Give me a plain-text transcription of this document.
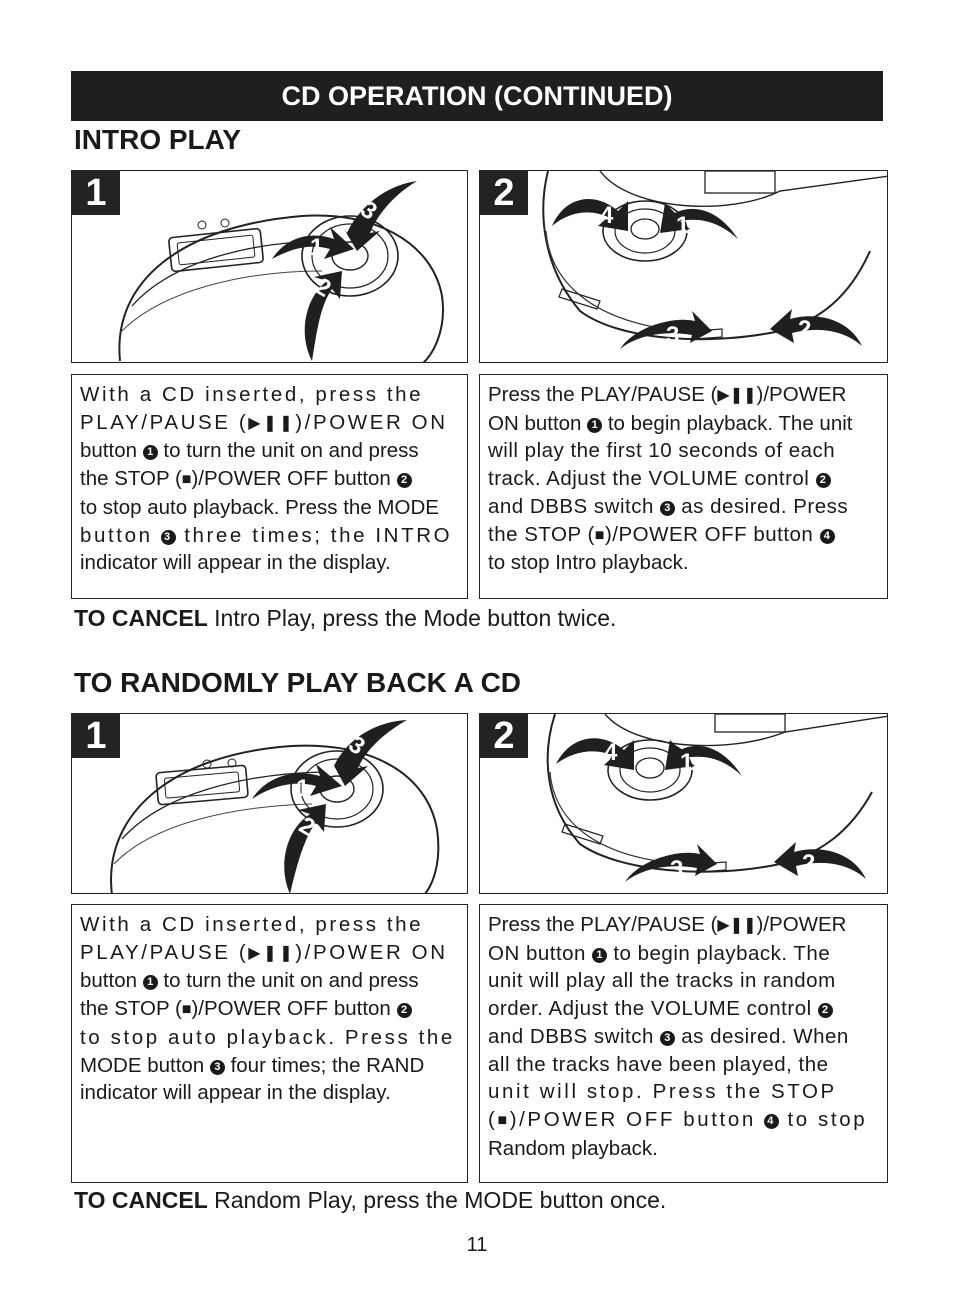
CD OPERATION (CONTINUED)
INTRO PLAY
1
2
3
1
4	1
3	2
2

With a CD inserted, press the

PLAY/PAUSE (▶❚❚)/POWER ON

button 1 to turn the unit on and press

the STOP (■)/POWER OFF button 2

to stop auto playback. Press the MODE

button 3 three times; the INTRO

indicator will appear in the display.

Press the PLAY/PAUSE (▶❚❚)/POWER

ON button 1 to begin playback. The unit

will play the first 10 seconds of each

track. Adjust the VOLUME control 2

and DBBS switch 3 as desired. Press

the STOP (■)/POWER OFF button 4

to stop Intro playback.

TO CANCEL Intro Play, press the Mode button twice.
TO RANDOMLY PLAY BACK A CD
1
2
3
1	4	1
3	2
2

With a CD inserted, press the

PLAY/PAUSE (▶❚❚)/POWER ON

button 1 to turn the unit on and press

the STOP (■)/POWER OFF button 2

to stop auto playback. Press the

MODE button 3 four times; the RAND

indicator will appear in the display.

Press the PLAY/PAUSE (▶❚❚)/POWER

ON button 1 to begin playback. The

unit will play all the tracks in random

order. Adjust the VOLUME control 2

and DBBS switch 3 as desired. When

all the tracks have been played, the

unit will stop. Press the STOP

(■)/POWER OFF button 4 to stop

Random playback.

TO CANCEL Random Play, press the MODE button once.
11
